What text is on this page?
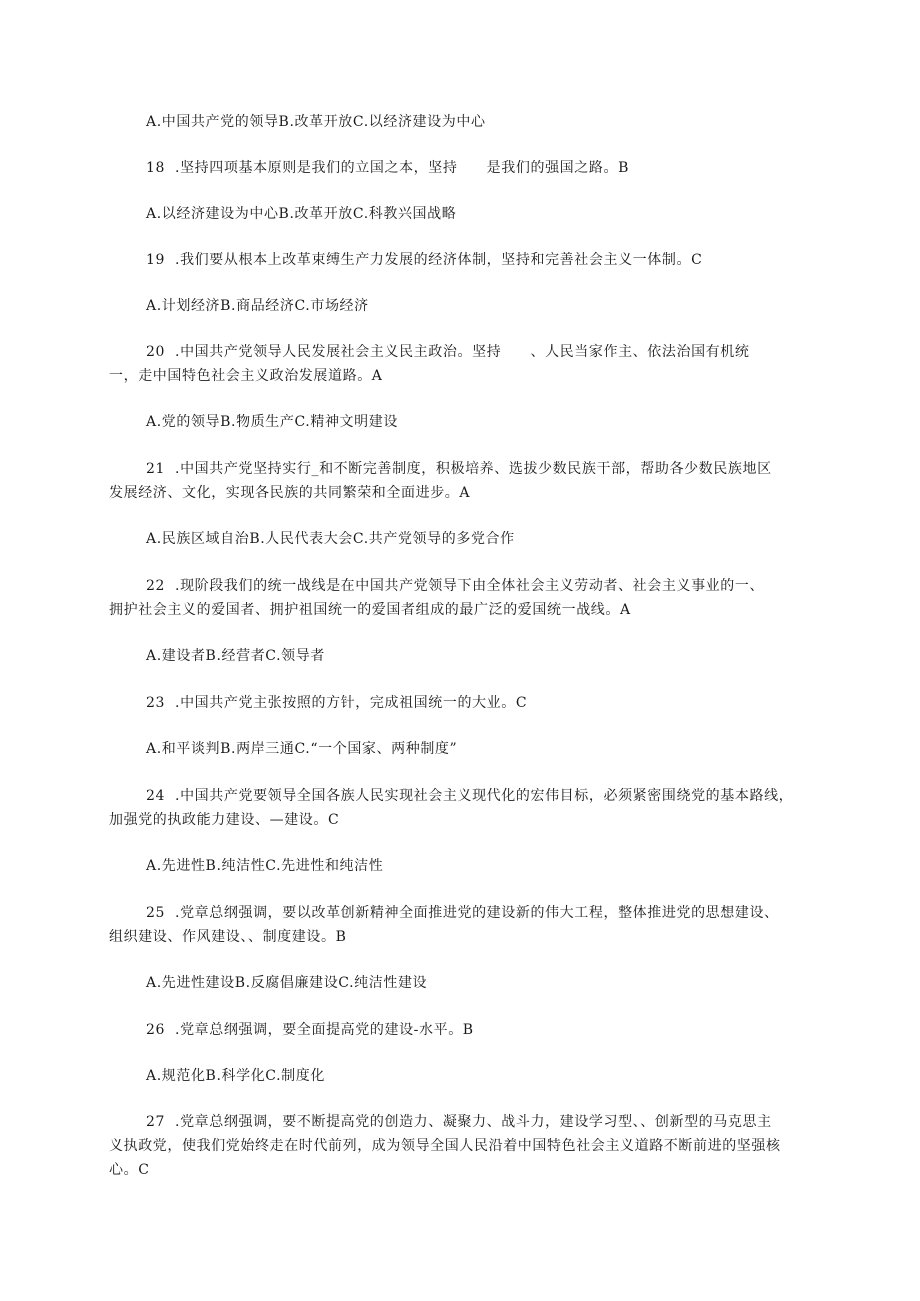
A.中国共产党的领导B.改革开放C.以经济建设为中心
18 .坚持四项基本原则是我们的立国之本，坚持　　是我们的强国之路。B
A.以经济建设为中心B.改革开放C.科教兴国战略
19 .我们要从根本上改革束缚生产力发展的经济体制，坚持和完善社会主义一体制。C
A.计划经济B.商品经济C.市场经济
20 .中国共产党领导人民发展社会主义民主政治。坚持　　、人民当家作主、依法治国有机统
一，走中国特色社会主义政治发展道路。A
A.党的领导B.物质生产C.精神文明建设
21 .中国共产党坚持实行_和不断完善制度，积极培养、选拔少数民族干部，帮助各少数民族地区
发展经济、文化，实现各民族的共同繁荣和全面进步。A
A.民族区域自治B.人民代表大会C.共产党领导的多党合作
22 .现阶段我们的统一战线是在中国共产党领导下由全体社会主义劳动者、社会主义事业的一、
拥护社会主义的爱国者、拥护祖国统一的爱国者组成的最广泛的爱国统一战线。A
A.建设者B.经营者C.领导者
23 .中国共产党主张按照的方针，完成祖国统一的大业。C
A.和平谈判B.两岸三通C.“一个国家、两种制度”
24 .中国共产党要领导全国各族人民实现社会主义现代化的宏伟目标，必须紧密围绕党的基本路线，
加强党的执政能力建设、—建设。C
A.先进性B.纯洁性C.先进性和纯洁性
25 .党章总纲强调，要以改革创新精神全面推进党的建设新的伟大工程，整体推进党的思想建设、
组织建设、作风建设、、制度建设。B
A.先进性建设B.反腐倡廉建设C.纯洁性建设
26 .党章总纲强调，要全面提高党的建设-水平。B
A.规范化B.科学化C.制度化
27 .党章总纲强调，要不断提高党的创造力、凝聚力、战斗力，建设学习型、、创新型的马克思主
义执政党，使我们党始终走在时代前列，成为领导全国人民沿着中国特色社会主义道路不断前进的坚强核
心。C
